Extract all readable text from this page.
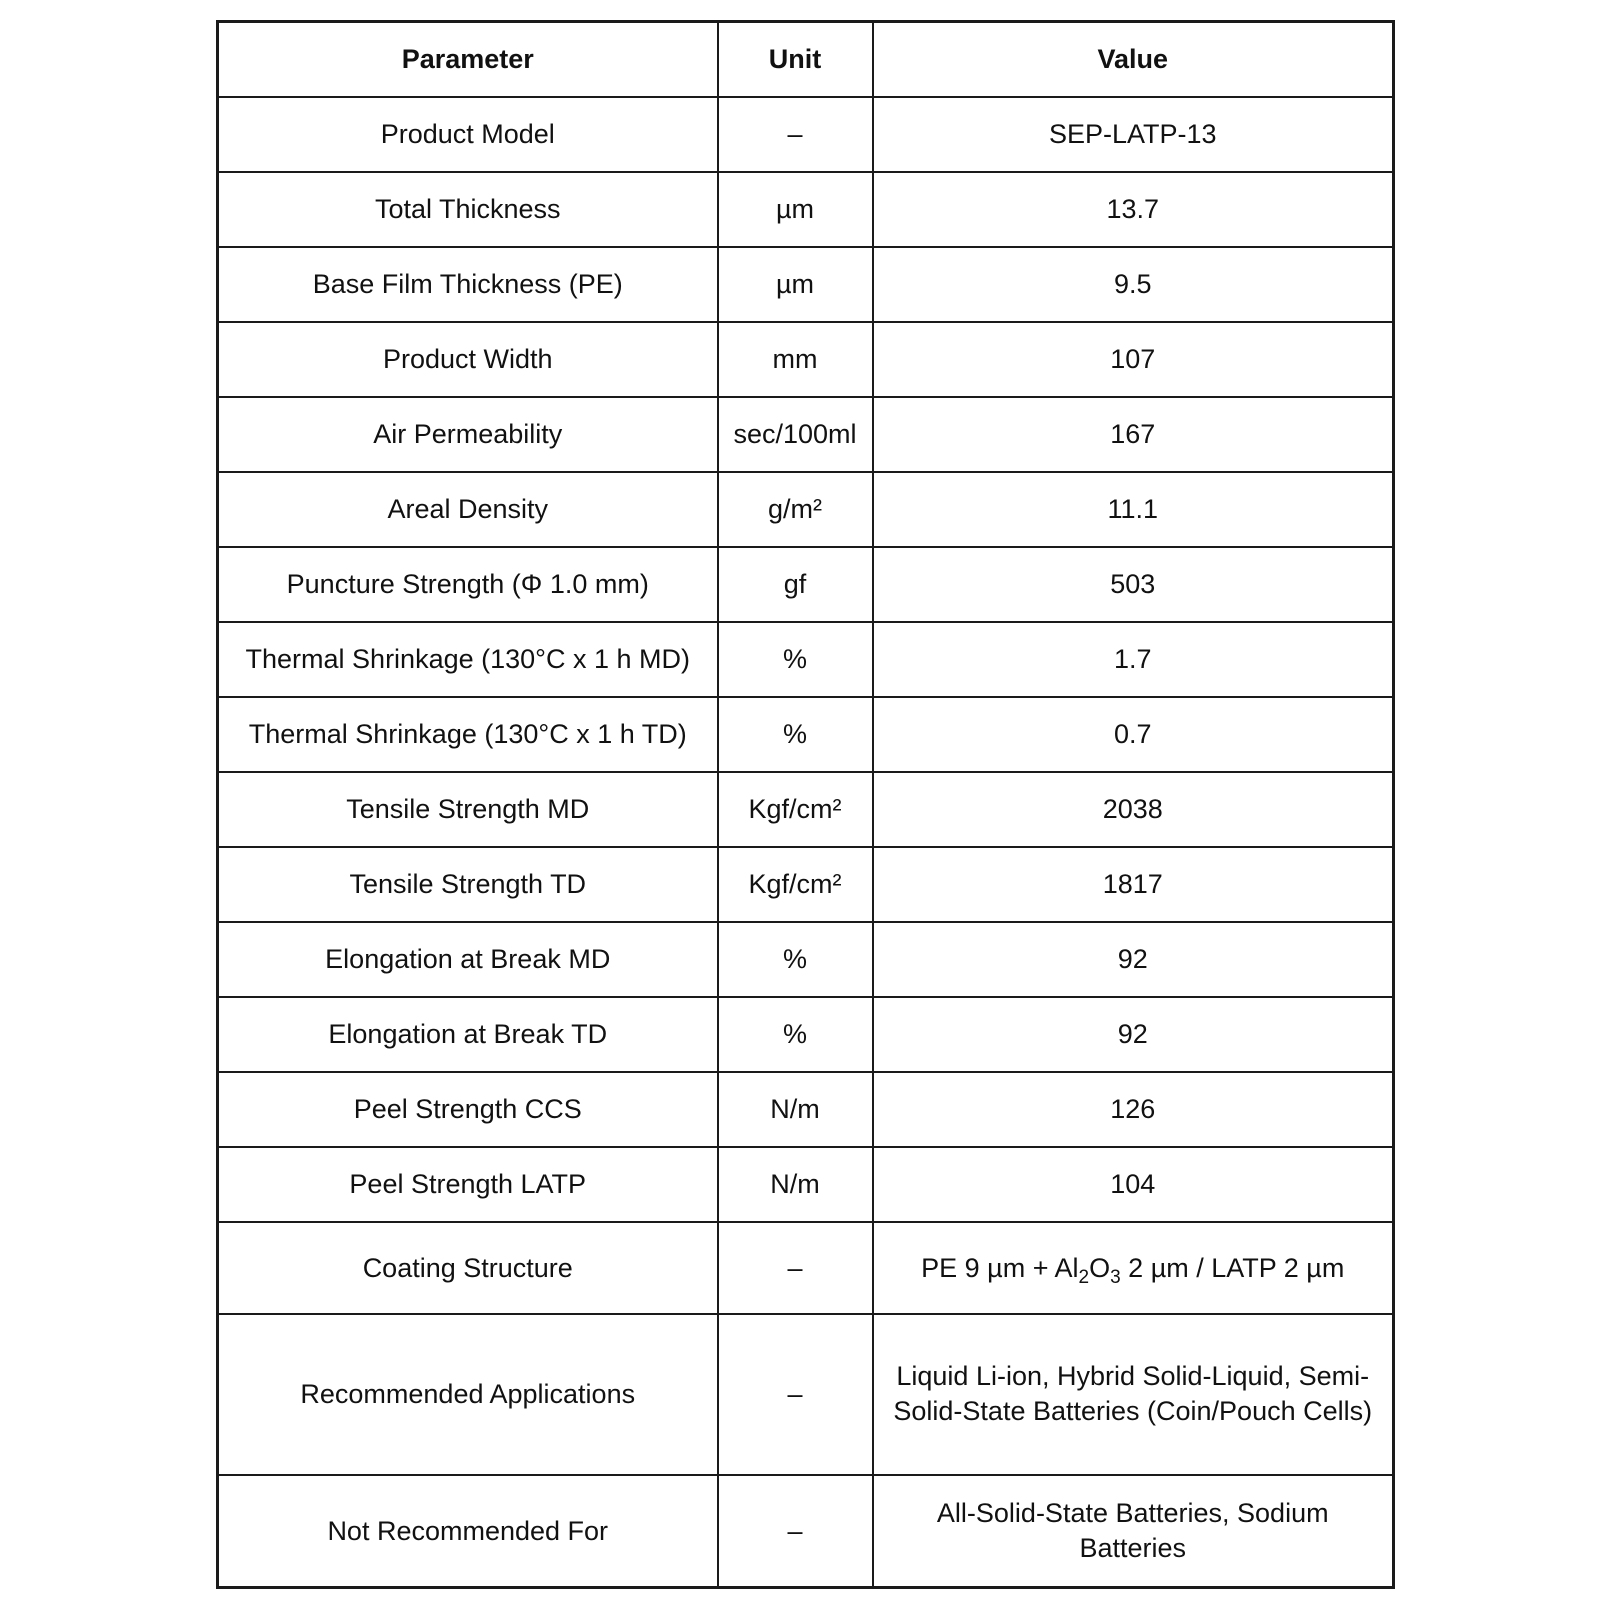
Parameter	Unit	Value
Product Model	–	SEP-LATP-13
Total Thickness	µm	13.7
Base Film Thickness (PE)	µm	9.5
Product Width	mm	107
Air Permeability	sec/100ml	167
Areal Density	g/m²	11.1
Puncture Strength (Φ 1.0 mm)	gf	503
Thermal Shrinkage (130°C x 1 h MD)	%	1.7
Thermal Shrinkage (130°C x 1 h TD)	%	0.7
Tensile Strength MD	Kgf/cm²	2038
Tensile Strength TD	Kgf/cm²	1817
Elongation at Break MD	%	92
Elongation at Break TD	%	92
Peel Strength CCS	N/m	126
Peel Strength LATP	N/m	104
Coating Structure	–	PE 9 $\mu m + Al_2O_3$ 2 µm / LATP 2 µm
Recommended Applications	–	Liquid Li-ion, Hybrid Solid-Liquid, Semi-Solid-State Batteries (Coin/Pouch Cells)
Not Recommended For	–	All-Solid-State Batteries, Sodium Batteries
